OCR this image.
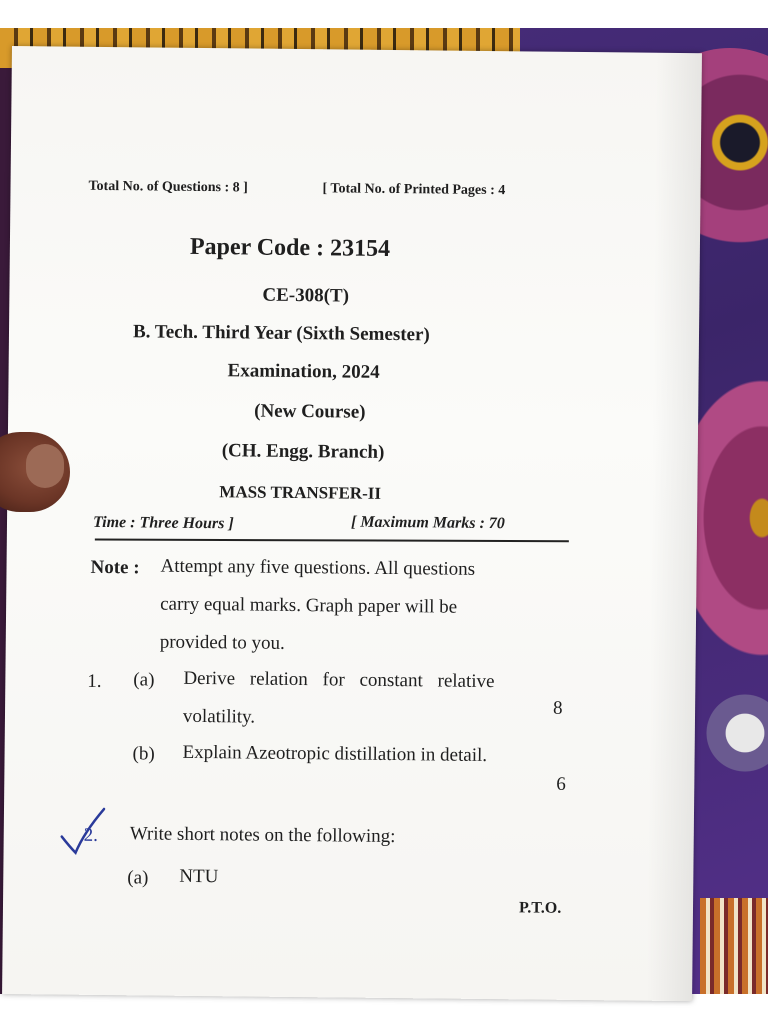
Total No. of Questions : 8 ]	[ Total No. of Printed Pages : 4
Paper Code : 23154
CE-308(T)
B. Tech. Third Year (Sixth Semester)
Examination, 2024
(New Course)
(CH. Engg. Branch)
MASS TRANSFER-II
Time : Three Hours ]	[ Maximum Marks : 70
Note : Attempt any five questions. All questions
carry equal marks. Graph paper will be
provided to you.
1. (a) Derive relation for constant relative
volatility.	8
(b) Explain Azeotropic distillation in detail.
6
2. Write short notes on the following:
(a) NTU
P.T.O.
